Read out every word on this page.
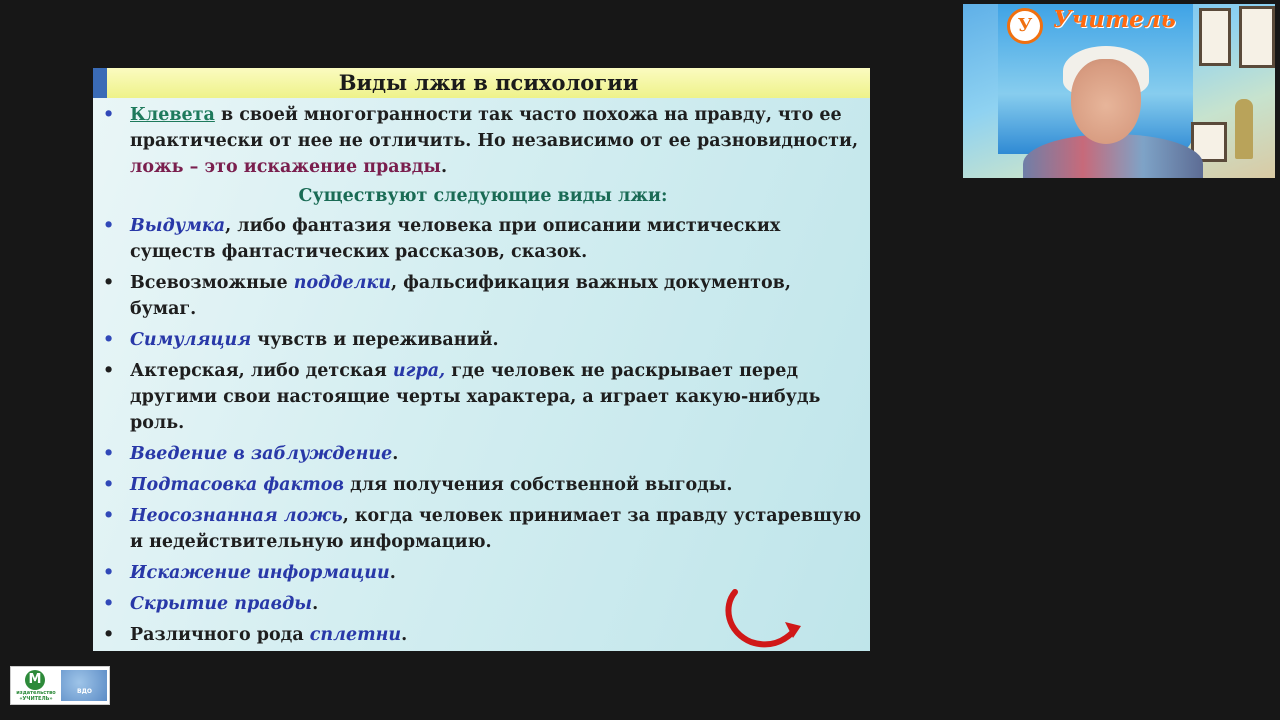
Виды лжи в психологии
• Клевета в своей многогранности так часто похожа на правду, что ее практически от нее не отличить. Но независимо от ее разновидности, ложь – это искажение правды.
Существуют следующие виды лжи:
• Выдумка, либо фантазия человека при описании мистических существ фантастических рассказов, сказок.
• Всевозможные подделки, фальсификация важных документов, бумаг.
• Симуляция чувств и переживаний.
• Актерская, либо детская игра, где человек не раскрывает перед другими свои настоящие черты характера, а играет какую-нибудь роль.
• Введение в заблуждение.
• Подтасовка фактов для получения собственной выгоды.
• Неосознанная ложь, когда человек принимает за правду устаревшую и недействительную информацию.
• Искажение информации.
• Скрытие правды.
• Различного рода сплетни.
У Учитель
М
издательство «УЧИТЕЛЬ»
ВДО
